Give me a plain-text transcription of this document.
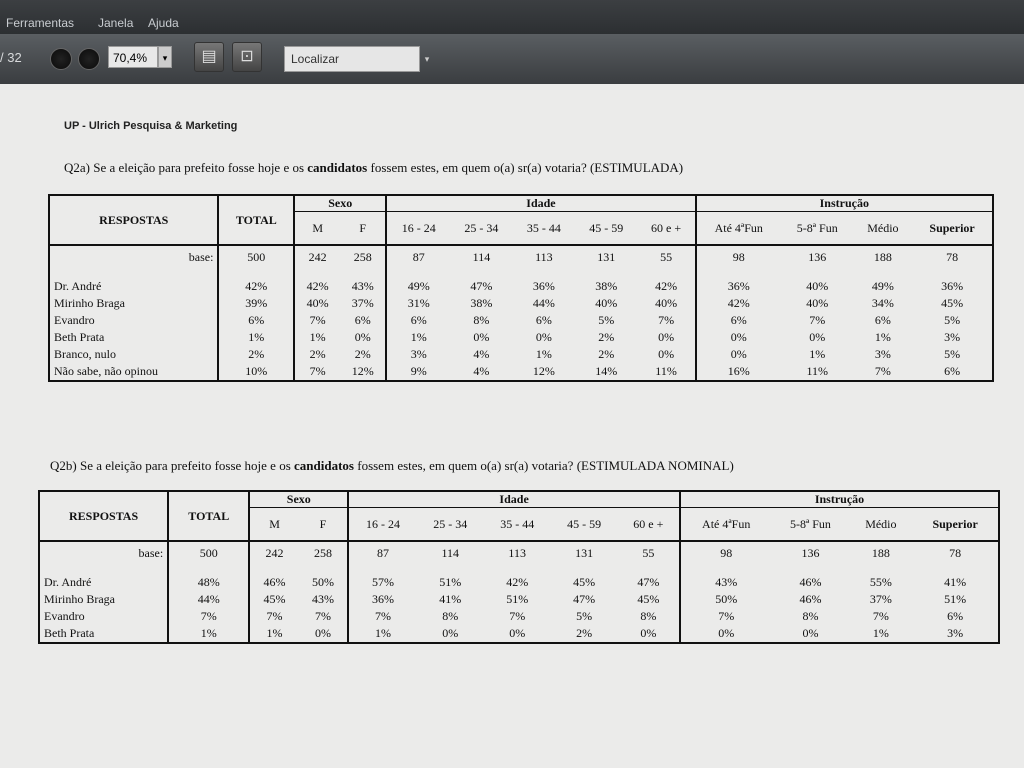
Ferramentas Janela Ajuda
/ 32	70,4%	▾	▤	⊡	Localizar	▾
UP - Ulrich Pesquisa & Marketing
Q2a) Se a eleição para prefeito fosse hoje e os candidatos fossem estes, em quem o(a) sr(a) votaria? (ESTIMULADA)
RESPOSTAS	TOTAL	Sexo		Idade					Instrução			
		M	F	16 - 24	25 - 34	35 - 44	45 - 59	60 e +	Até 4ªFun	5-8ª Fun	Médio	Superior
base:	500	242	258	87	114	113	131	55	98	136	188	78

Dr. André	42%	42%	43%	49%	47%	36%	38%	42%	36%	40%	49%	36%
Mirinho Braga	39%	40%	37%	31%	38%	44%	40%	40%	42%	40%	34%	45%
Evandro	6%	7%	6%	6%	8%	6%	5%	7%	6%	7%	6%	5%
Beth Prata	1%	1%	0%	1%	0%	0%	2%	0%	0%	0%	1%	3%
Branco, nulo	2%	2%	2%	3%	4%	1%	2%	0%	0%	1%	3%	5%
Não sabe, não opinou	10%	7%	12%	9%	4%	12%	14%	11%	16%	11%	7%	6%
Q2b) Se a eleição para prefeito fosse hoje e os candidatos fossem estes, em quem o(a) sr(a) votaria? (ESTIMULADA NOMINAL)
RESPOSTAS	TOTAL	Sexo		Idade					Instrução			
		M	F	16 - 24	25 - 34	35 - 44	45 - 59	60 e +	Até 4ªFun	5-8ª Fun	Médio	Superior
base:	500	242	258	87	114	113	131	55	98	136	188	78

Dr. André	48%	46%	50%	57%	51%	42%	45%	47%	43%	46%	55%	41%
Mirinho Braga	44%	45%	43%	36%	41%	51%	47%	45%	50%	46%	37%	51%
Evandro	7%	7%	7%	7%	8%	7%	5%	8%	7%	8%	7%	6%
Beth Prata	1%	1%	0%	1%	0%	0%	2%	0%	0%	0%	1%	3%
